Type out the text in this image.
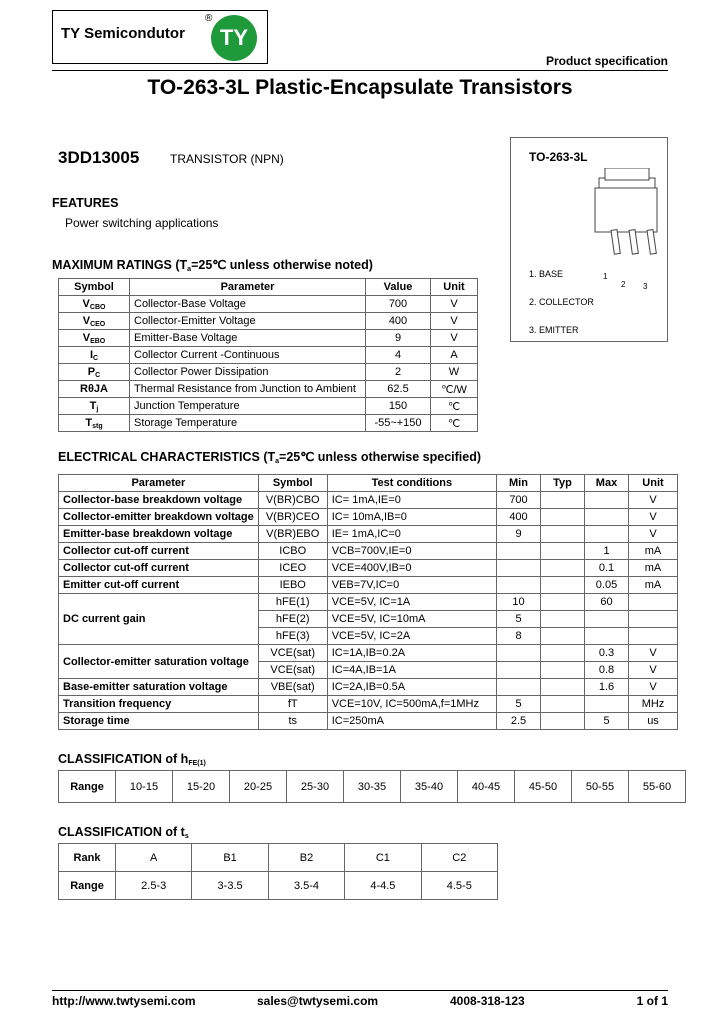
TY Semicondutor
®
TY
Product specification
TO-263-3L Plastic-Encapsulate Transistors
3DD13005	TRANSISTOR (NPN)
FEATURES
Power switching applications
TO-263-3L
1
2 3
1. BASE
2. COLLECTOR
3. EMITTER
MAXIMUM RATINGS ($T_a=25℃$ unless otherwise noted)
Symbol	Parameter	Value	Unit
$V_{CBO}$	Collector-Base Voltage	700	V
$V_{CEO}$	Collector-Emitter Voltage	400	V
$V_{EBO}$	Emitter-Base Voltage	9	V
$I_C$	Collector Current -Continuous	4	A
$P_C$	Collector Power Dissipation	2	W
RθJA	Thermal Resistance from Junction to Ambient	62.5	℃/W
$T_j$	Junction Temperature	150	℃
$T_{stg}$	Storage Temperature	-55~+150	℃
ELECTRICAL CHARACTERISTICS ($T_a=25℃$ unless otherwise specified)
Parameter	Symbol	Test conditions	Min	Typ	Max	Unit
Collector-base breakdown voltage	V(BR)CBO	IC= 1mA,IE=0	700			V
Collector-emitter breakdown voltage	V(BR)CEO	IC= 10mA,IB=0	400			V
Emitter-base breakdown voltage	V(BR)EBO	IE= 1mA,IC=0	9			V
Collector cut-off current	ICBO	VCB=700V,IE=0			1	mA
Collector cut-off current	ICEO	VCE=400V,IB=0			0.1	mA
Emitter cut-off current	IEBO	VEB=7V,IC=0			0.05	mA
DC current gain	hFE(1)	VCE=5V, IC=1A	10		60	
	hFE(2)	VCE=5V, IC=10mA	5			
	hFE(3)	VCE=5V, IC=2A	8			
Collector-emitter saturation voltage	VCE(sat)	IC=1A,IB=0.2A			0.3	V
	VCE(sat)	IC=4A,IB=1A			0.8	V
Base-emitter saturation voltage	VBE(sat)	IC=2A,IB=0.5A			1.6	V
Transition frequency	fT	VCE=10V, IC=500mA,f=1MHz	5			MHz
Storage time	ts	IC=250mA	2.5		5	us
CLASSIFICATION of $h_{FE(1)}$
Range	10-15	15-20	20-25	25-30	30-35	35-40	40-45	45-50	50-55	55-60
CLASSIFICATION of $t_s$
Rank	A	B1	B2	C1	C2
Range	2.5-3	3-3.5	3.5-4	4-4.5	4.5-5
http://www.twtysemi.com	sales@twtysemi.com	4008-318-123	1 of 1
